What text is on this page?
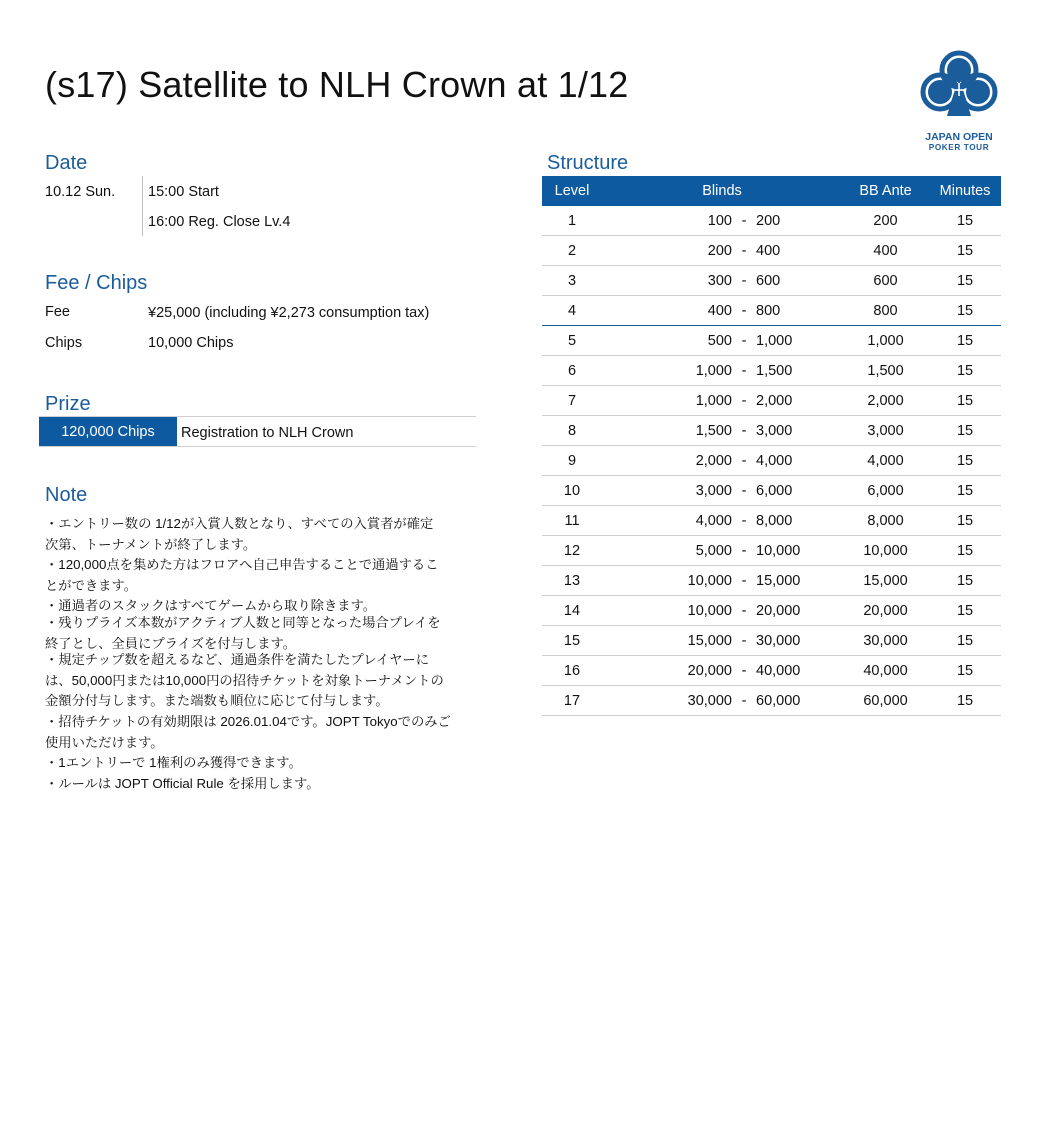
(s17) Satellite to NLH Crown at 1/12
JAPAN OPEN
POKER TOUR
Date
10.12 Sun. 15:00 Start
16:00 Reg. Close Lv.4
Fee / Chips
Fee	¥25,000 (including ¥2,273 consumption tax)
Chips	10,000 Chips
Prize
120,000 Chips	Registration to NLH Crown
Note
・エントリー数の 1/12が入賞人数となり、すべての入賞者が確定
次第、トーナメントが終了します。
・120,000点を集めた方はフロアへ自己申告することで通過するこ
とができます。
・通過者のスタックはすべてゲームから取り除きます。
・残りプライズ本数がアクティブ人数と同等となった場合プレイを
終了とし、全員にプライズを付与します。
・規定チップ数を超えるなど、通過条件を満たしたプレイヤーに
は、50,000円または10,000円の招待チケットを対象トーナメントの
金額分付与します。また端数も順位に応じて付与します。
・招待チケットの有効期限は 2026.01.04です。JOPT Tokyoでのみご
使用いただけます。
・1エントリーで 1権利のみ獲得できます。
・ルールは JOPT Official Rule を採用します。
Structure
Level	Blinds			BB Ante	Minutes
1	100	-	200	200	15
2	200	-	400	400	15
3	300	-	600	600	15
4	400	-	800	800	15
5	500	-	1,000	1,000	15
6	1,000	-	1,500	1,500	15
7	1,000	-	2,000	2,000	15
8	1,500	-	3,000	3,000	15
9	2,000	-	4,000	4,000	15
10	3,000	-	6,000	6,000	15
11	4,000	-	8,000	8,000	15
12	5,000	-	10,000	10,000	15
13	10,000	-	15,000	15,000	15
14	10,000	-	20,000	20,000	15
15	15,000	-	30,000	30,000	15
16	20,000	-	40,000	40,000	15
17	30,000	-	60,000	60,000	15
